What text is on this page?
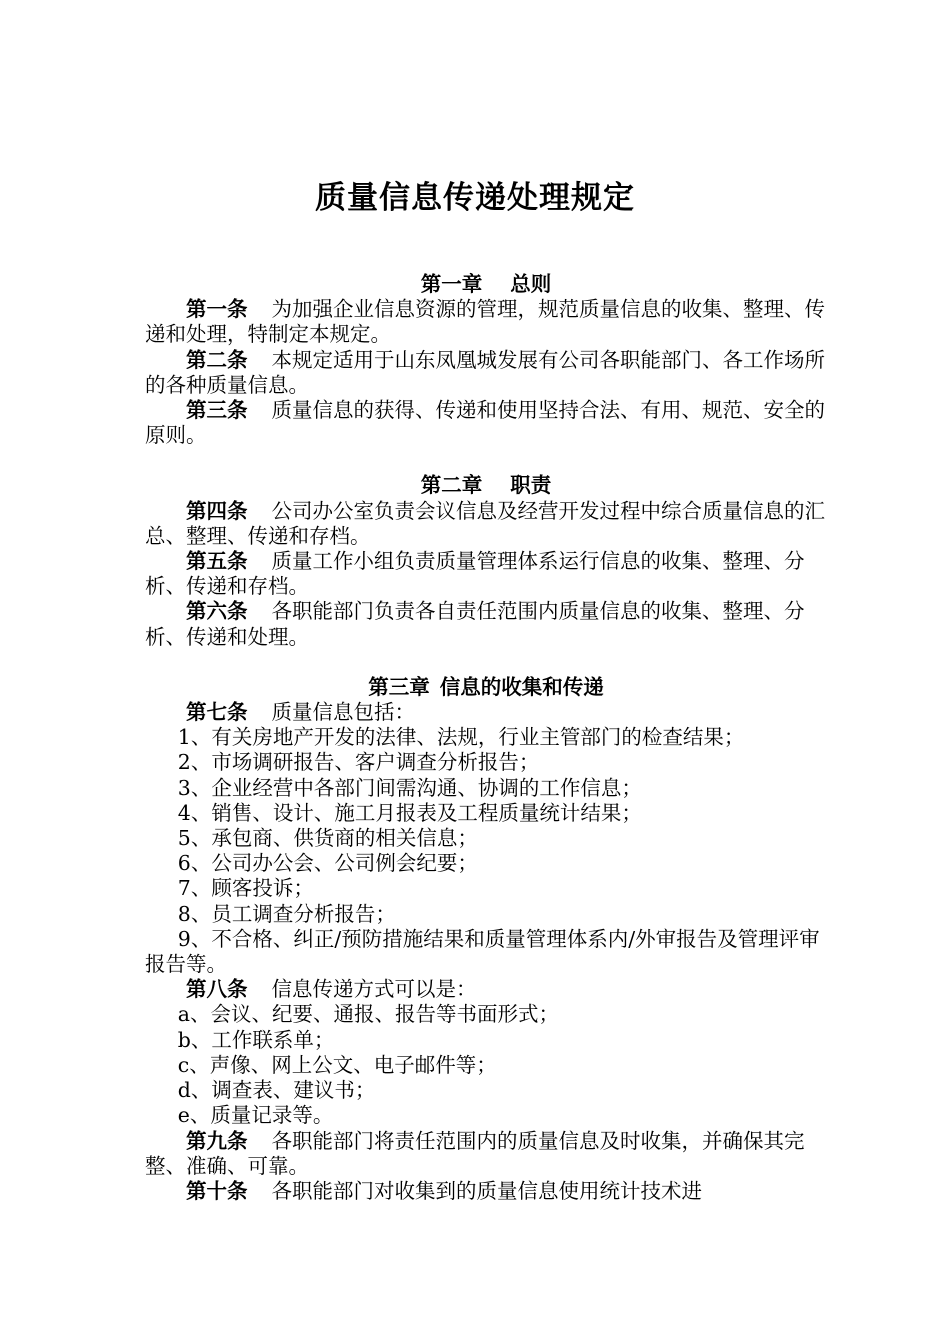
质量信息传递处理规定
第一章 总则

第一条 为加强企业信息资源的管理，规范质量信息的收集、整理、传递和处理，特制定本规定。

第二条 本规定适用于山东凤凰城发展有公司各职能部门、各工作场所的各种质量信息。

第三条 质量信息的获得、传递和使用坚持合法、有用、规范、安全的原则。

第二章 职责

第四条 公司办公室负责会议信息及经营开发过程中综合质量信息的汇总、整理、传递和存档。

第五条 质量工作小组负责质量管理体系运行信息的收集、整理、分析、传递和存档。

第六条 各职能部门负责各自责任范围内质量信息的收集、整理、分析、传递和处理。

第三章 信息的收集和传递

第七条 质量信息包括：

1、有关房地产开发的法律、法规，行业主管部门的检查结果；

2、市场调研报告、客户调查分析报告；

3、企业经营中各部门间需沟通、协调的工作信息；

4、销售、设计、施工月报表及工程质量统计结果；

5、承包商、供货商的相关信息；

6、公司办公会、公司例会纪要；

7、顾客投诉；

8、员工调查分析报告；

9、不合格、纠正/预防措施结果和质量管理体系内/外审报告及管理评审报告等。

第八条 信息传递方式可以是：

a、会议、纪要、通报、报告等书面形式；

b、工作联系单；

c、声像、网上公文、电子邮件等；

d、调查表、建议书；

e、质量记录等。

第九条 各职能部门将责任范围内的质量信息及时收集，并确保其完整、准确、可靠。

第十条 各职能部门对收集到的质量信息使用统计技术进
